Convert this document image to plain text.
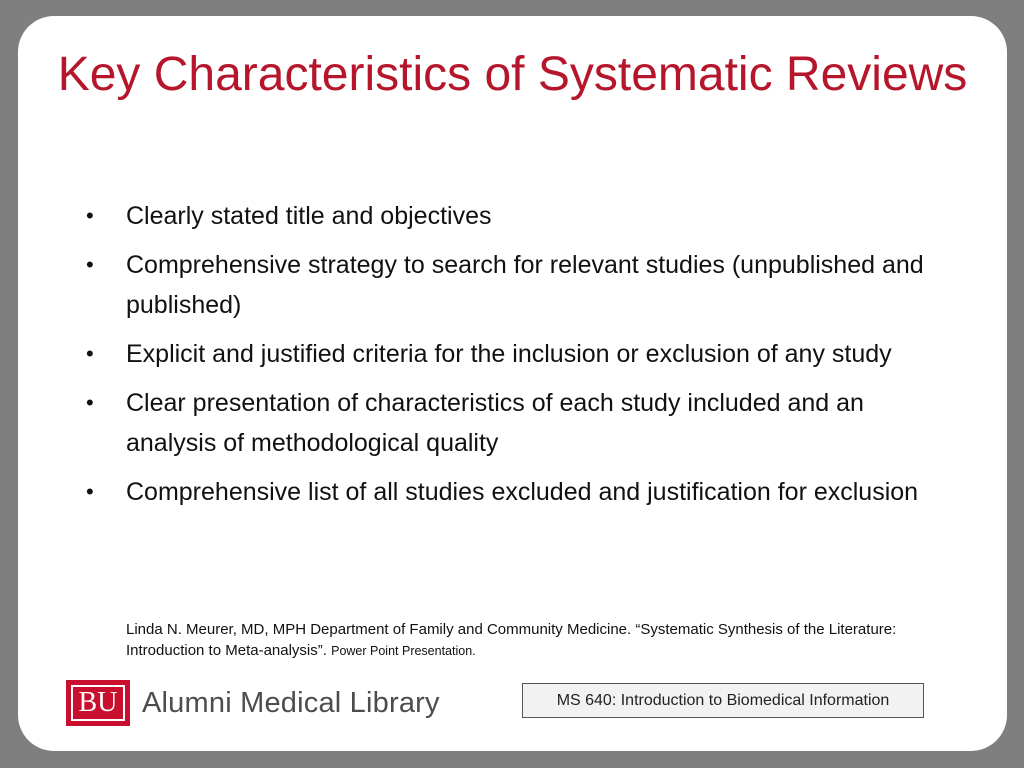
Key Characteristics of Systematic Reviews
• Clearly stated title and objectives
• Comprehensive strategy to search for relevant studies (unpublished and published)
• Explicit and justified criteria for the inclusion or exclusion of any study
• Clear presentation of characteristics of each study included and an analysis of methodological quality
• Comprehensive list of all studies excluded and justification for exclusion

Linda N. Meurer, MD, MPH Department of Family and Community Medicine. “Systematic Synthesis of the Literature: Introduction to Meta-analysis”. Power Point Presentation.

BU Alumni Medical Library	MS 640: Introduction to Biomedical Information
